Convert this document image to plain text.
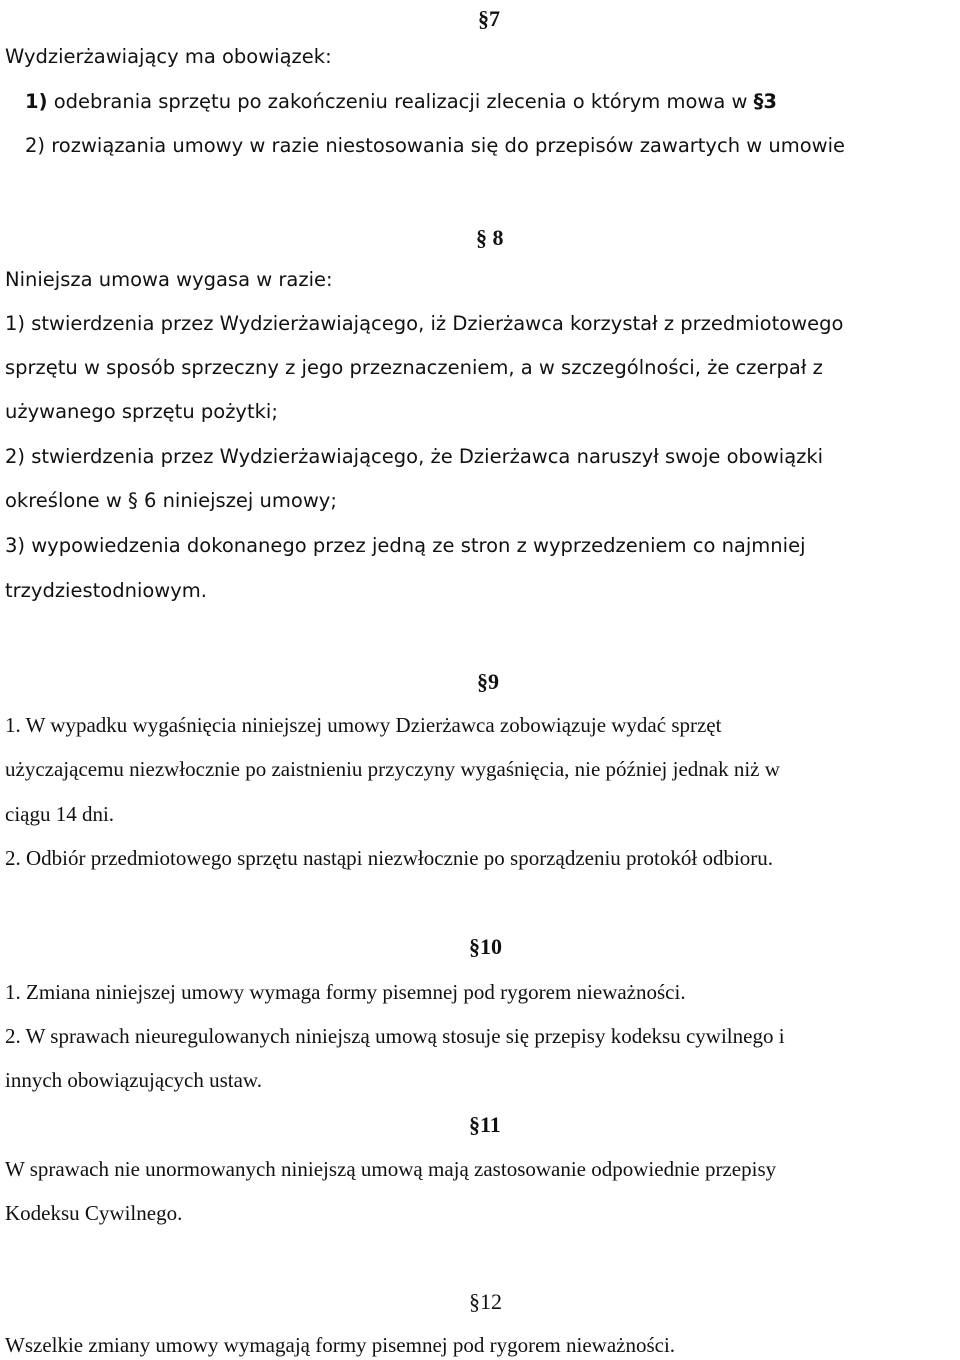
§7
Wydzierżawiający ma obowiązek:
1) odebrania sprzętu po zakończeniu realizacji zlecenia o którym mowa w §3
2) rozwiązania umowy w razie niestosowania się do przepisów zawartych w umowie
§ 8
Niniejsza umowa wygasa w razie:
1) stwierdzenia przez Wydzierżawiającego, iż Dzierżawca korzystał z przedmiotowego
sprzętu w sposób sprzeczny z jego przeznaczeniem, a w szczególności, że czerpał z
używanego sprzętu pożytki;
2) stwierdzenia przez Wydzierżawiającego, że Dzierżawca naruszył swoje obowiązki
określone w § 6 niniejszej umowy;
3) wypowiedzenia dokonanego przez jedną ze stron z wyprzedzeniem co najmniej
trzydziestodniowym.
§9
1. W wypadku wygaśnięcia niniejszej umowy Dzierżawca zobowiązuje wydać sprzęt
użyczającemu niezwłocznie po zaistnieniu przyczyny wygaśnięcia, nie później jednak niż w
ciągu 14 dni.
2. Odbiór przedmiotowego sprzętu nastąpi niezwłocznie po sporządzeniu protokół odbioru.
§10
1. Zmiana niniejszej umowy wymaga formy pisemnej pod rygorem nieważności.
2. W sprawach nieuregulowanych niniejszą umową stosuje się przepisy kodeksu cywilnego i
innych obowiązujących ustaw.
§11
W sprawach nie unormowanych niniejszą umową mają zastosowanie odpowiednie przepisy
Kodeksu Cywilnego.
§12
Wszelkie zmiany umowy wymagają formy pisemnej pod rygorem nieważności.
